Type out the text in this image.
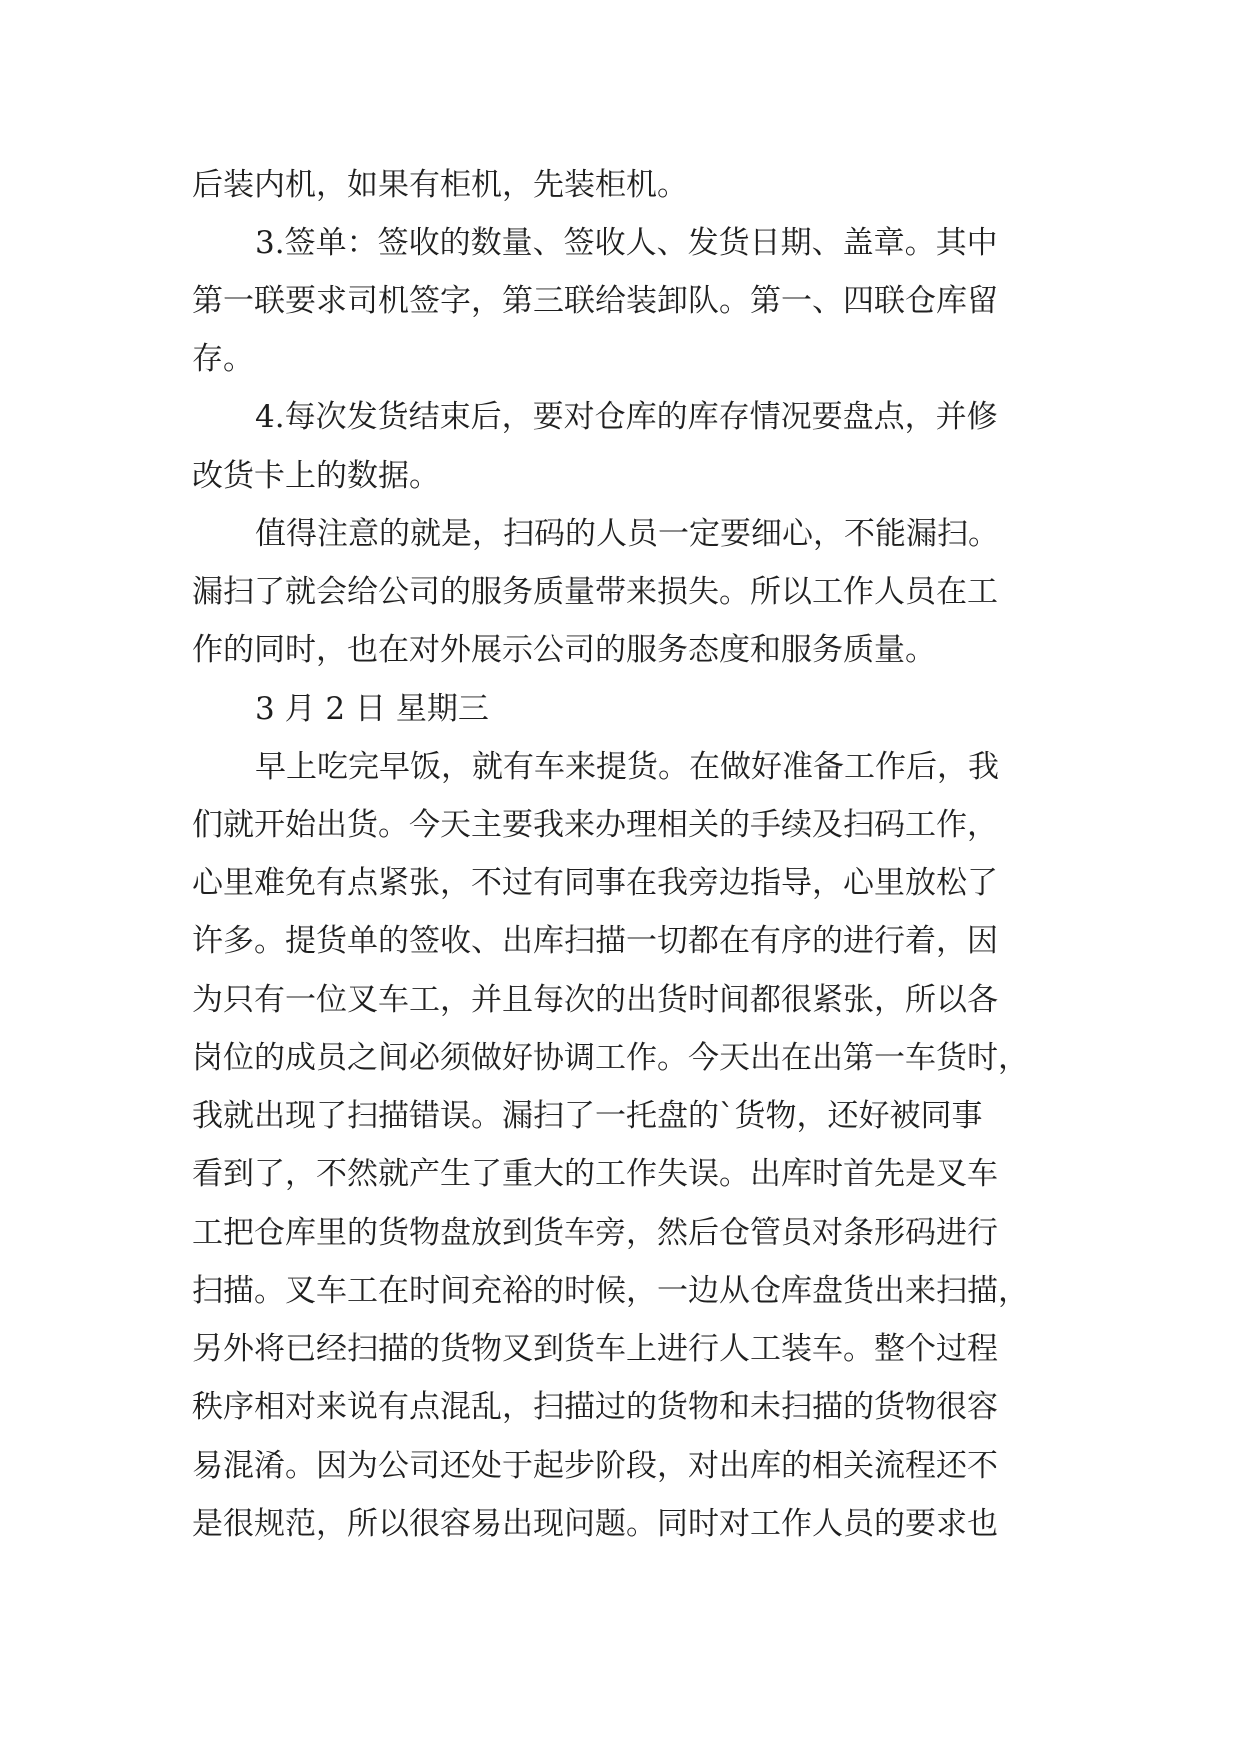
后装内机，如果有柜机，先装柜机。
3.签单：签收的数量、签收人、发货日期、盖章。其中
第一联要求司机签字，第三联给装卸队。第一、四联仓库留
存。
4.每次发货结束后，要对仓库的库存情况要盘点，并修
改货卡上的数据。
值得注意的就是，扫码的人员一定要细心，不能漏扫。
漏扫了就会给公司的服务质量带来损失。所以工作人员在工
作的同时，也在对外展示公司的服务态度和服务质量。
3 月 2 日 星期三
早上吃完早饭，就有车来提货。在做好准备工作后，我
们就开始出货。今天主要我来办理相关的手续及扫码工作，
心里难免有点紧张，不过有同事在我旁边指导，心里放松了
许多。提货单的签收、出库扫描一切都在有序的进行着，因
为只有一位叉车工，并且每次的出货时间都很紧张，所以各
岗位的成员之间必须做好协调工作。今天出在出第一车货时，
我就出现了扫描错误。漏扫了一托盘的`货物，还好被同事
看到了，不然就产生了重大的工作失误。出库时首先是叉车
工把仓库里的货物盘放到货车旁，然后仓管员对条形码进行
扫描。叉车工在时间充裕的时候，一边从仓库盘货出来扫描，
另外将已经扫描的货物叉到货车上进行人工装车。整个过程
秩序相对来说有点混乱，扫描过的货物和未扫描的货物很容
易混淆。因为公司还处于起步阶段，对出库的相关流程还不
是很规范，所以很容易出现问题。同时对工作人员的要求也
